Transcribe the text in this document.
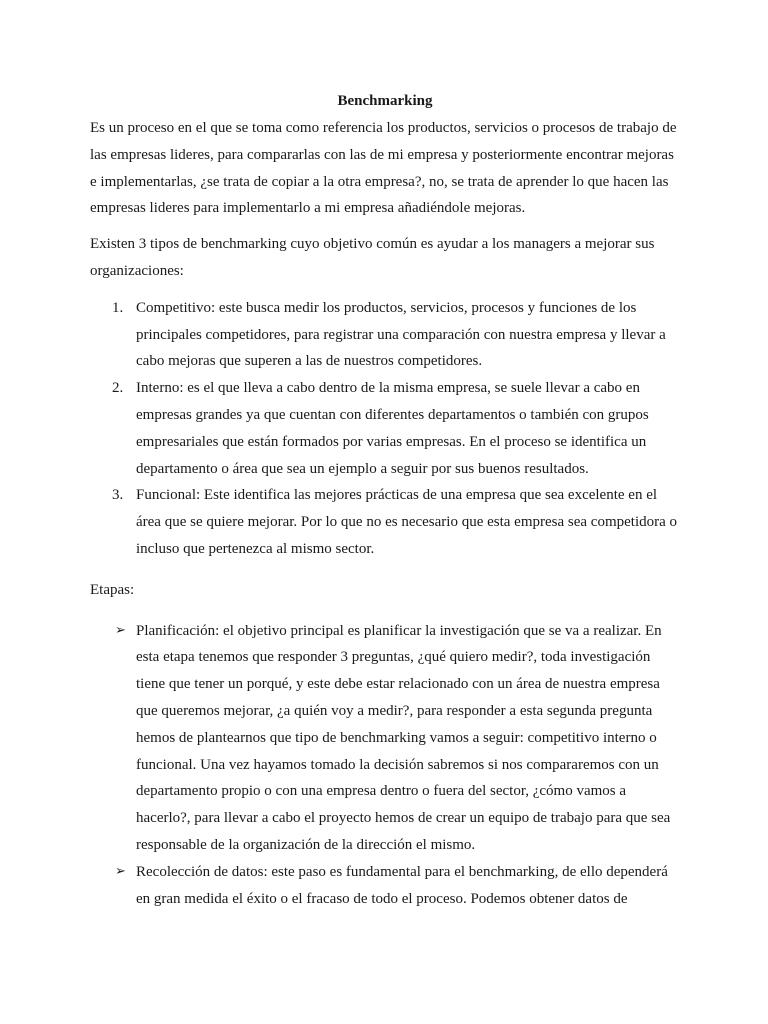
Benchmarking

Es un proceso en el que se toma como referencia los productos, servicios o procesos de trabajo de las empresas lideres, para compararlas con las de mi empresa y posteriormente encontrar mejoras e implementarlas, ¿se trata de copiar a la otra empresa?, no, se trata de aprender lo que hacen las empresas lideres para implementarlo a mi empresa añadiéndole mejoras.

Existen 3 tipos de benchmarking cuyo objetivo común es ayudar a los managers a mejorar sus organizaciones:

1. Competitivo: este busca medir los productos, servicios, procesos y funciones de los principales competidores, para registrar una comparación con nuestra empresa y llevar a cabo mejoras que superen a las de nuestros competidores.
2. Interno: es el que lleva a cabo dentro de la misma empresa, se suele llevar a cabo en empresas grandes ya que cuentan con diferentes departamentos o también con grupos empresariales que están formados por varias empresas. En el proceso se identifica un departamento o área que sea un ejemplo a seguir por sus buenos resultados.
3. Funcional: Este identifica las mejores prácticas de una empresa que sea excelente en el área que se quiere mejorar. Por lo que no es necesario que esta empresa sea competidora o incluso que pertenezca al mismo sector.

Etapas:

➢ Planificación: el objetivo principal es planificar la investigación que se va a realizar. En esta etapa tenemos que responder 3 preguntas, ¿qué quiero medir?, toda investigación tiene que tener un porqué, y este debe estar relacionado con un área de nuestra empresa que queremos mejorar, ¿a quién voy a medir?, para responder a esta segunda pregunta hemos de plantearnos que tipo de benchmarking vamos a seguir: competitivo interno o funcional. Una vez hayamos tomado la decisión sabremos si nos compararemos con un departamento propio o con una empresa dentro o fuera del sector, ¿cómo vamos a hacerlo?, para llevar a cabo el proyecto hemos de crear un equipo de trabajo para que sea responsable de la organización de la dirección el mismo.
➢ Recolección de datos: este paso es fundamental para el benchmarking, de ello dependerá en gran medida el éxito o el fracaso de todo el proceso. Podemos obtener datos de
